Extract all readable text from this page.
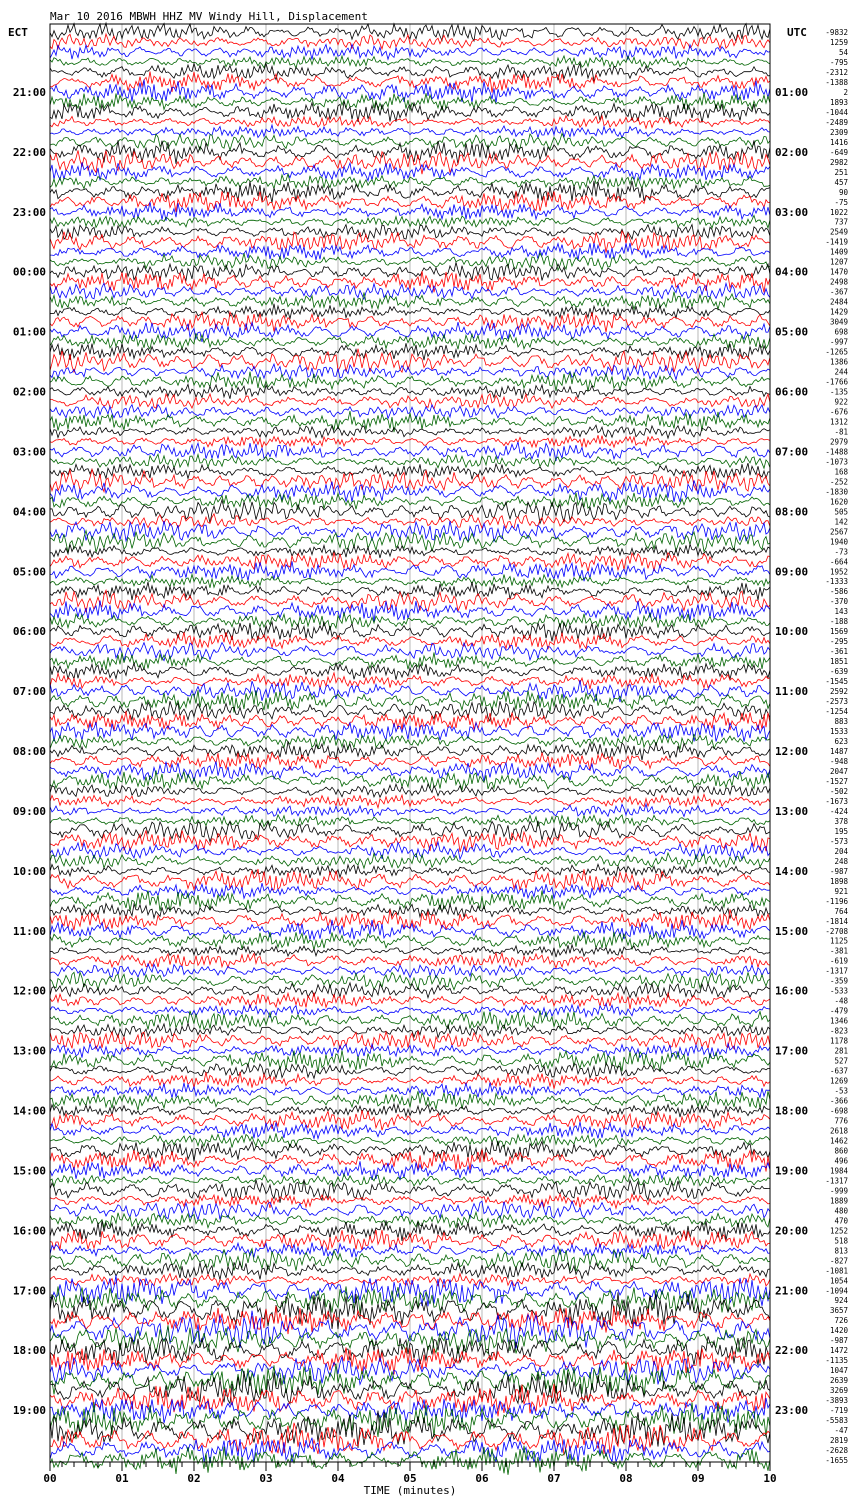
Mar 10 2016 MBWH HHZ MV Windy Hill, Displacement
ECT	UTC
21:00
22:00
23:00
00:00
01:00
02:00
03:00
04:00
05:00
06:00
07:00
08:00
09:00
10:00
11:00
12:00
13:00
14:00
15:00
16:00
17:00
18:00
19:00
01:00
02:00
03:00
04:00
05:00
06:00
07:00
08:00
09:00
10:00
11:00
12:00
13:00
14:00
15:00
16:00
17:00
18:00
19:00
20:00
21:00
22:00
23:00
-9832
1259
54
-795
-2312
-1388
2
1893
-1044
-2489
2309
1416
-649
2982
251
457
90
-75
1022
737
2549
-1419
1409
1207
1470
2498
-367
2484
1429
3049
698
-997
-1265
1386
244
-1766
-135
922
-676
1312
-81
2979
-1488
-1073
168
-252
-1830
1620
505
142
2567
1940
-73
-664
1952
-1333
-586
-370
143
-188
1569
-295
-361
1851
-639
-1545
2592
-2573
-1254
883
1533
623
1487
-948
2047
-1527
-502
-1673
-424
378
195
-573
204
248
-987
1898
921
-1196
764
-1814
-2708
1125
-381
-619
-1317
-359
-533
-48
-479
1346
-823
1178
281
527
-637
1269
-53
-366
-698
776
2618
1462
860
496
1984
-1317
-999
1889
480
470
1252
518
813
-827
-1081
1054
-1094
924
3657
726
1420
-987
1472
-1135
1047
2639
3269
-3893
-719
-5583
-47
2819
-2628
-1655
00	01	02	03	04	05	06	07	08	09	10
TIME (minutes)
